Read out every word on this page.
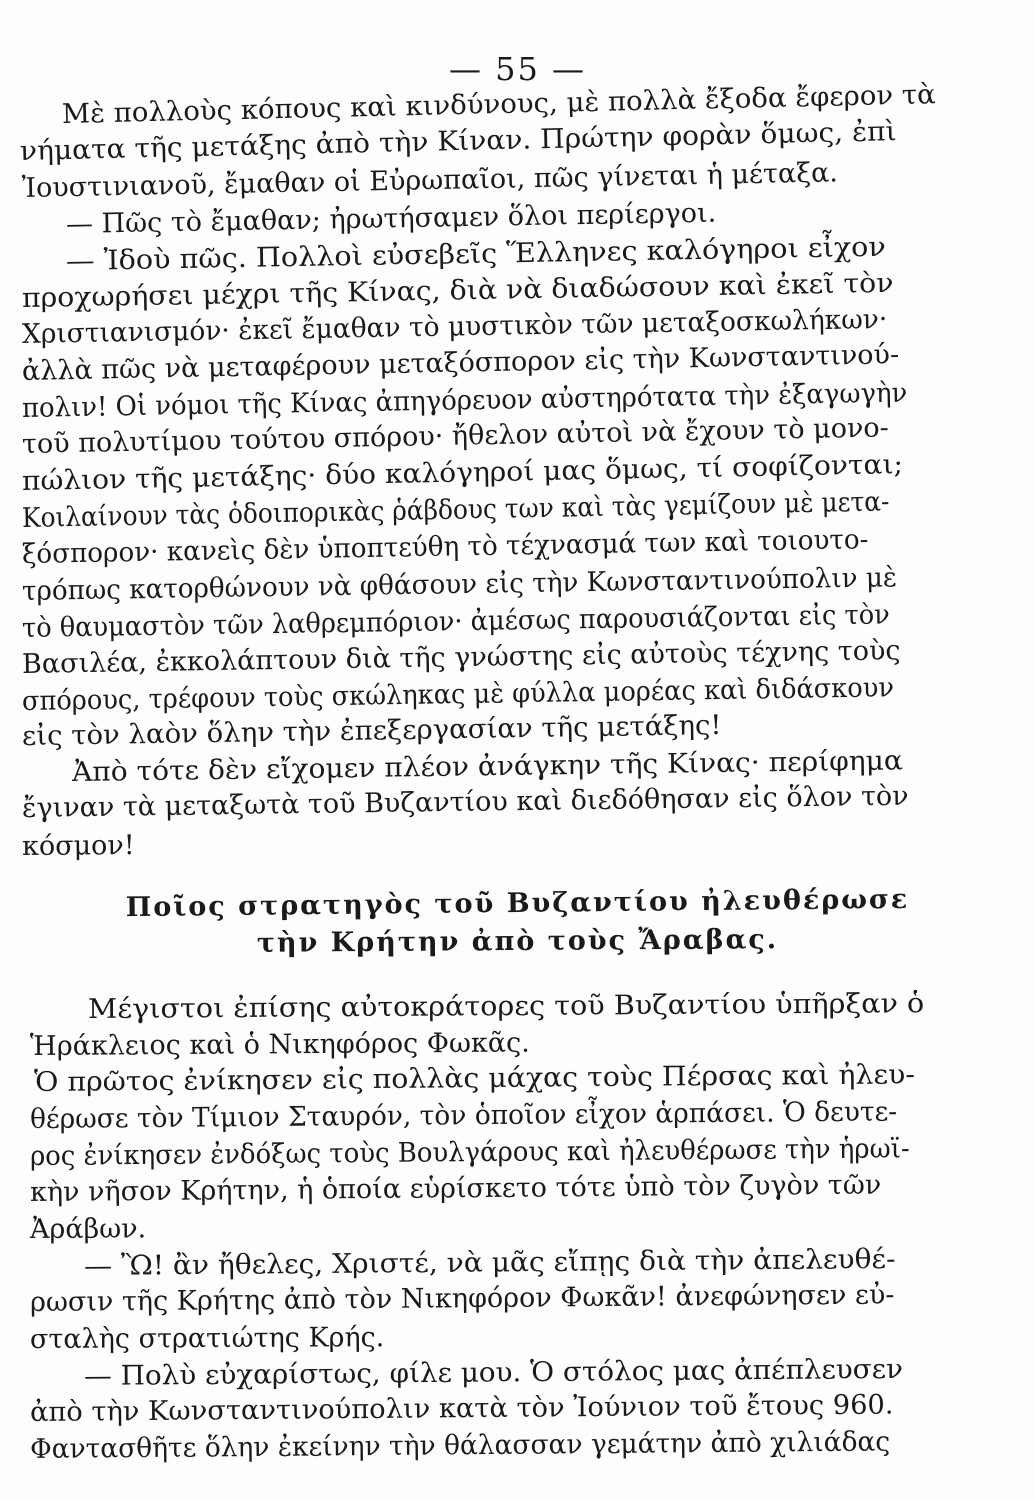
— 55 —
Μὲ πολλοὺς κόπους καὶ κινδύνους, μὲ πολλὰ ἔξοδα ἔφερον τὰ
νήματα τῆς μετάξης ἀπὸ τὴν Κίναν. Πρώτην φορὰν ὅμως, ἐπὶ
Ἰουστινιανοῦ, ἔμαθαν οἱ Εὐρωπαῖοι, πῶς γίνεται ἡ μέταξα.
— Πῶς τὸ ἔμαθαν; ἠρωτήσαμεν ὅλοι περίεργοι.
— Ἰδοὺ πῶς. Πολλοὶ εὐσεβεῖς Ἕλληνες καλόγηροι εἶχον
προχωρήσει μέχρι τῆς Κίνας, διὰ νὰ διαδώσουν καὶ ἐκεῖ τὸν
Χριστιανισμόν· ἐκεῖ ἔμαθαν τὸ μυστικὸν τῶν μεταξοσκωλήκων·
ἀλλὰ πῶς νὰ μεταφέρουν μεταξόσπορον εἰς τὴν Κωνσταντινού-
πολιν! Οἱ νόμοι τῆς Κίνας ἀπηγόρευον αὐστηρότατα τὴν ἐξαγωγὴν
τοῦ πολυτίμου τούτου σπόρου· ἤθελον αὐτοὶ νὰ ἔχουν τὸ μονο-
πώλιον τῆς μετάξης· δύο καλόγηροί μας ὅμως, τί σοφίζονται;
Κοιλαίνουν τὰς ὁδοιπορικὰς ῥάβδους των καὶ τὰς γεμίζουν μὲ μετα-
ξόσπορον· κανεὶς δὲν ὑποπτεύθη τὸ τέχνασμά των καὶ τοιουτο-
τρόπως κατορθώνουν νὰ φθάσουν εἰς τὴν Κωνσταντινούπολιν μὲ
τὸ θαυμαστὸν τῶν λαθρεμπόριον· ἀμέσως παρουσιάζονται εἰς τὸν
Βασιλέα, ἐκκολάπτουν διὰ τῆς γνώστης εἰς αὐτοὺς τέχνης τοὺς
σπόρους, τρέφουν τοὺς σκώληκας μὲ φύλλα μορέας καὶ διδάσκουν
εἰς τὸν λαὸν ὅλην τὴν ἐπεξεργασίαν τῆς μετάξης!
Ἀπὸ τότε δὲν εἴχομεν πλέον ἀνάγκην τῆς Κίνας· περίφημα
ἔγιναν τὰ μεταξωτὰ τοῦ Βυζαντίου καὶ διεδόθησαν εἰς ὅλον τὸν
κόσμον!
Ποῖος στρατηγὸς τοῦ Βυζαντίου ἠλευθέρωσε
τὴν Κρήτην ἀπὸ τοὺς Ἄραβας.
Μέγιστοι ἐπίσης αὐτοκράτορες τοῦ Βυζαντίου ὑπῆρξαν ὁ
Ἡράκλειος καὶ ὁ Νικηφόρος Φωκᾶς.
Ὁ πρῶτος ἐνίκησεν εἰς πολλὰς μάχας τοὺς Πέρσας καὶ ἠλευ-
θέρωσε τὸν Τίμιον Σταυρόν, τὸν ὁποῖον εἶχον ἁρπάσει. Ὁ δευτε-
ρος ἐνίκησεν ἐνδόξως τοὺς Βουλγάρους καὶ ἠλευθέρωσε τὴν ἡρωϊ-
κὴν νῆσον Κρήτην, ἡ ὁποία εὑρίσκετο τότε ὑπὸ τὸν ζυγὸν τῶν
Ἀράβων.
— Ὢ! ἂν ἤθελες, Χριστέ, νὰ μᾶς εἴπῃς διὰ τὴν ἀπελευθέ-
ρωσιν τῆς Κρήτης ἀπὸ τὸν Νικηφόρον Φωκᾶν! ἀνεφώνησεν εὐ-
σταλὴς στρατιώτης Κρής.
— Πολὺ εὐχαρίστως, φίλε μου. Ὁ στόλος μας ἀπέπλευσεν
ἀπὸ τὴν Κωνσταντινούπολιν κατὰ τὸν Ἰούνιον τοῦ ἔτους 960.
Φαντασθῆτε ὅλην ἐκείνην τὴν θάλασσαν γεμάτην ἀπὸ χιλιάδας
